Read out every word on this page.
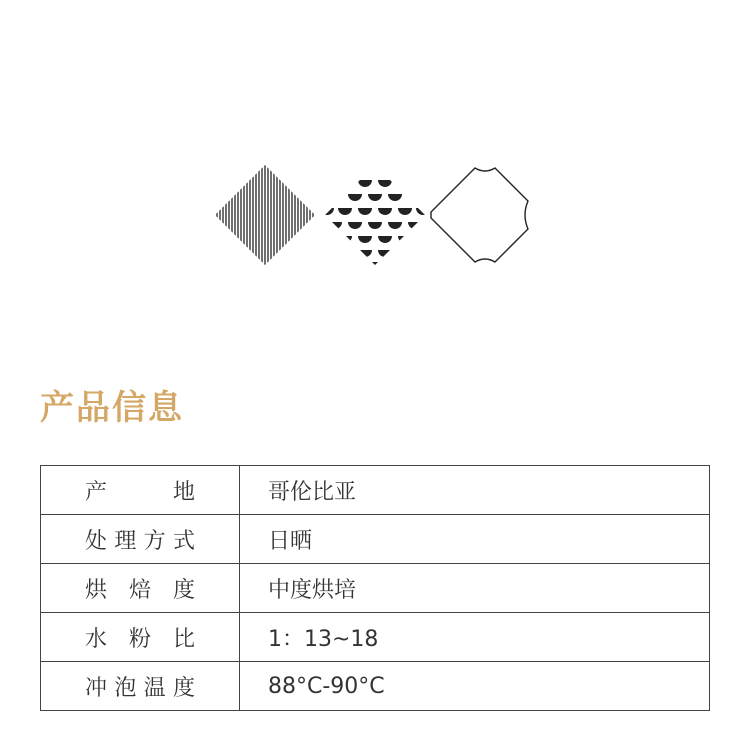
产品信息
产 地	哥伦比亚
处理方式	日晒
烘焙度	中度烘培
水粉比	1：13~18
冲泡温度	88°C-90°C
